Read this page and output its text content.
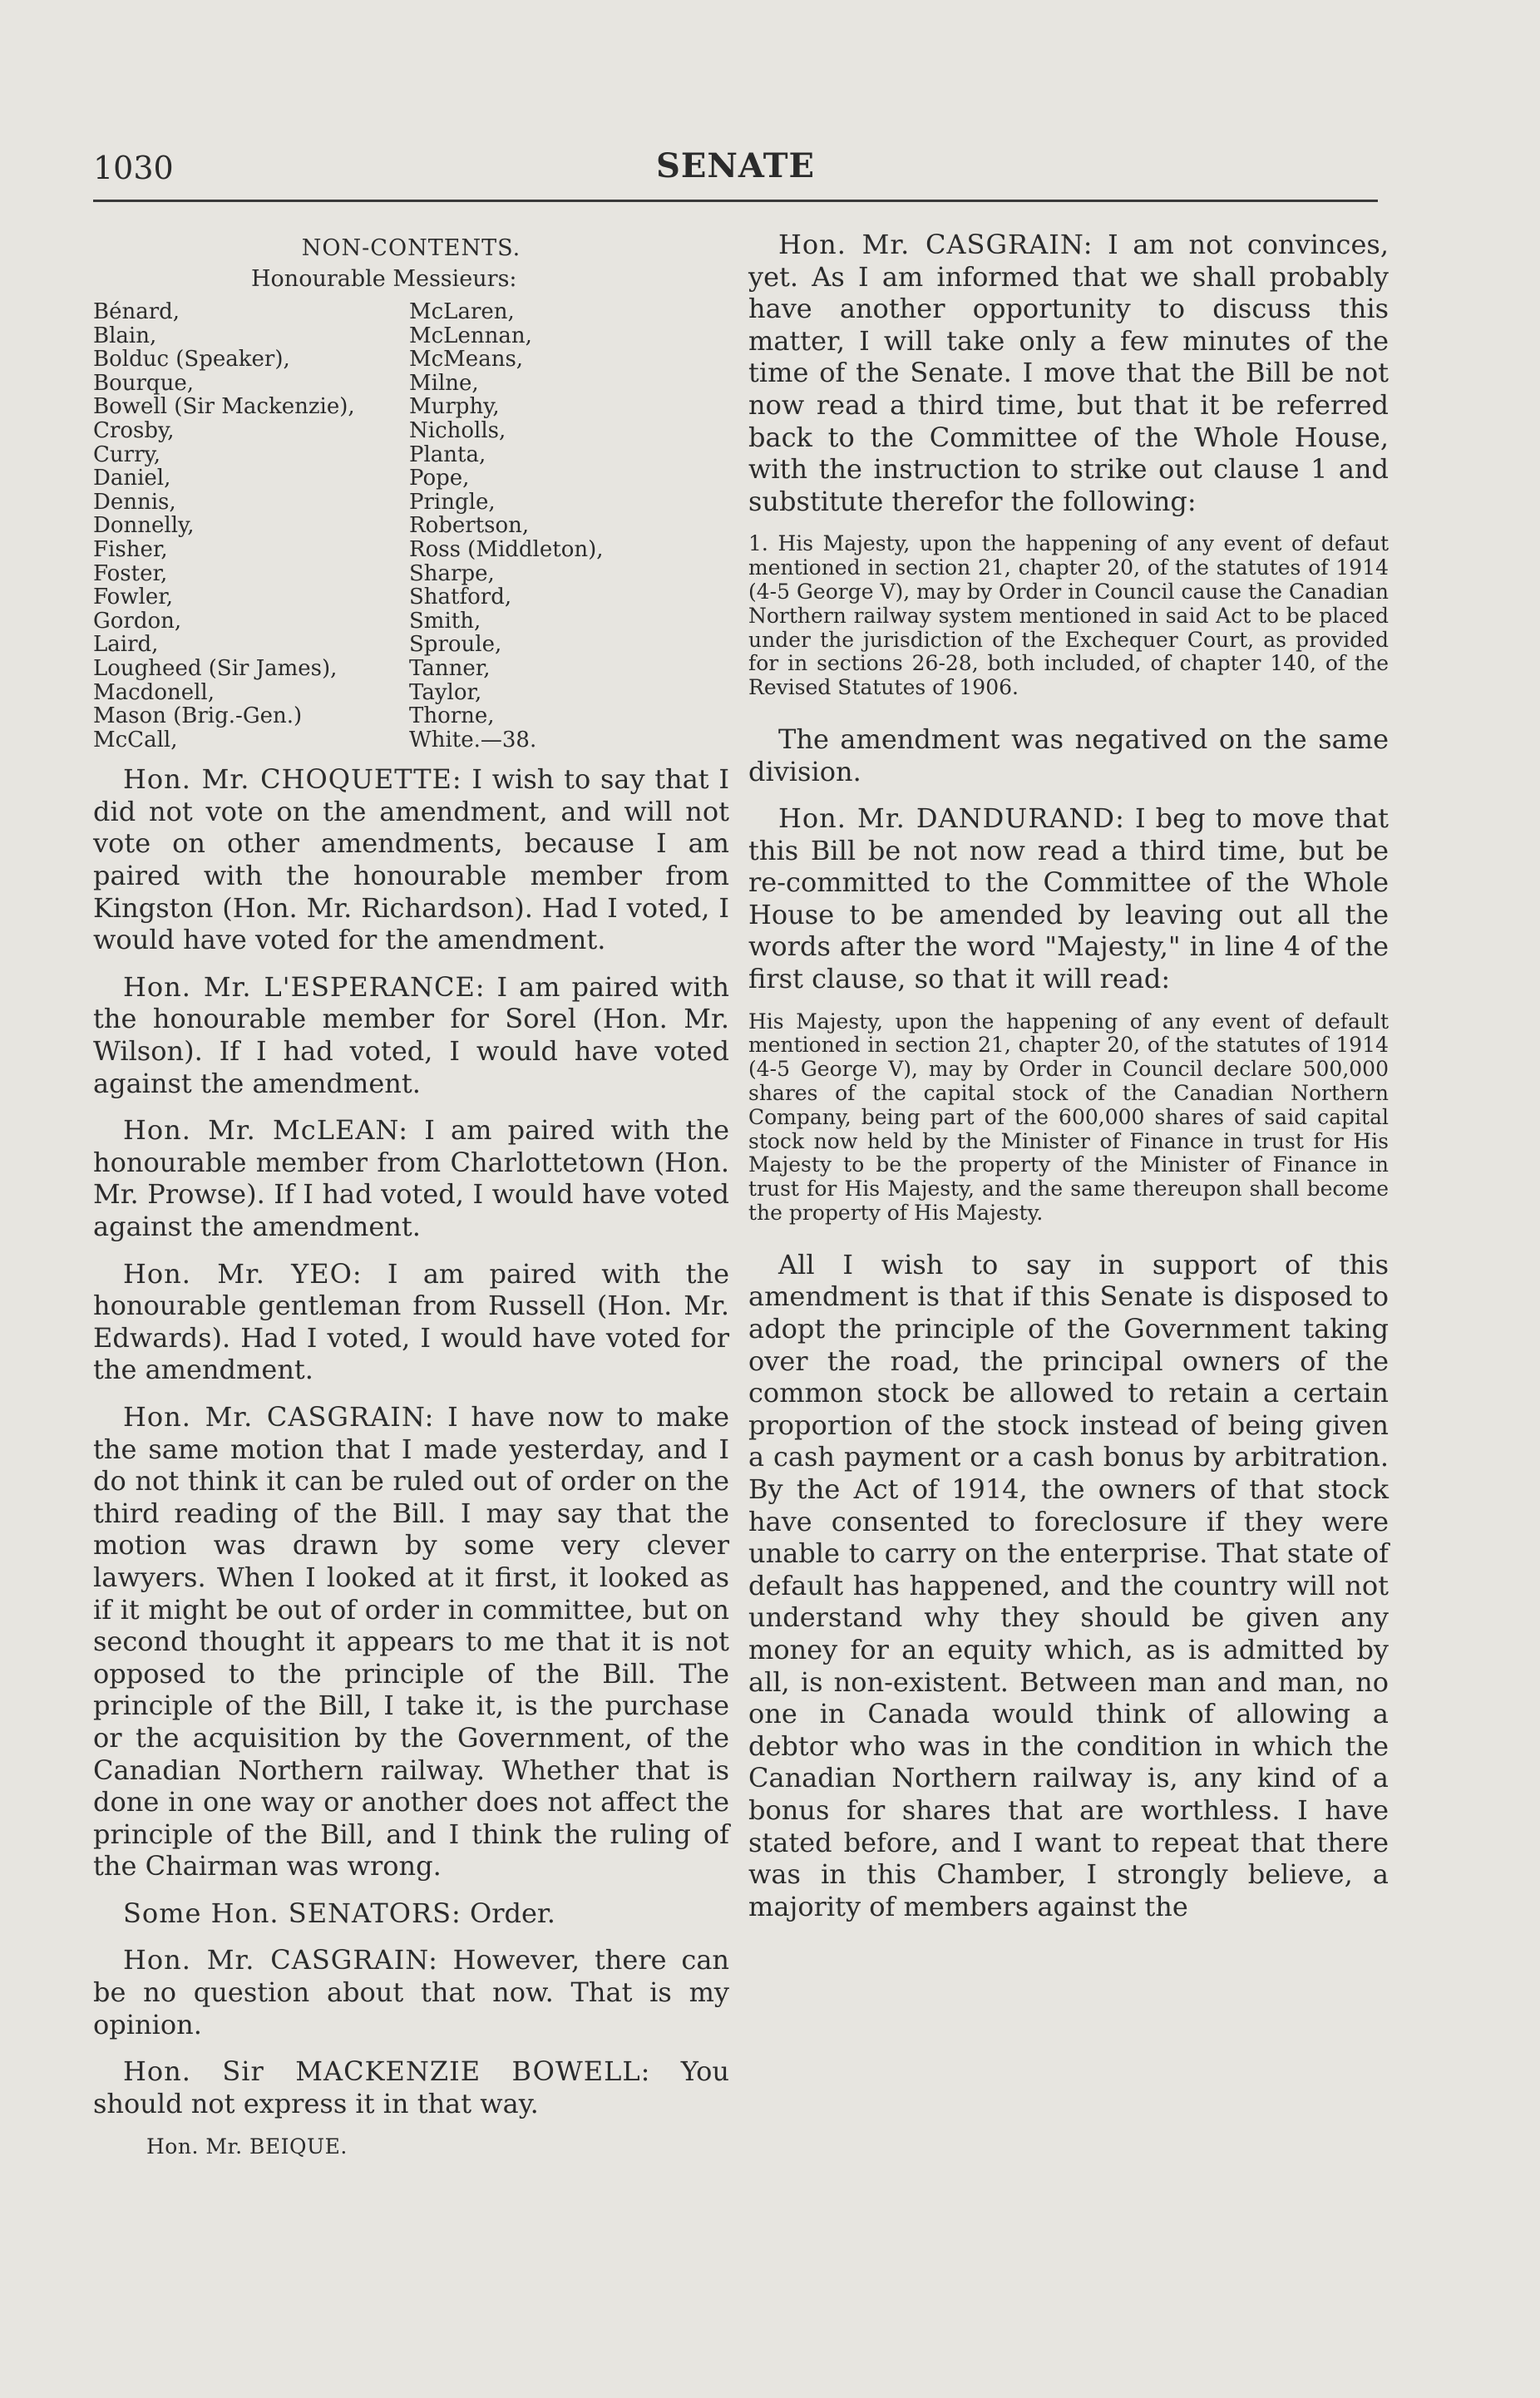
1030	SENATE
NON-CONTENTS.
Honourable Messieurs:
Bénard,
Blain,
Bolduc (Speaker),
Bourque,
Bowell (Sir Mackenzie),
Crosby,
Curry,
Daniel,
Dennis,
Donnelly,
Fisher,
Foster,
Fowler,
Gordon,
Laird,
Lougheed (Sir James),
Macdonell,
Mason (Brig.-Gen.)
McCall,
McLaren,
McLennan,
McMeans,
Milne,
Murphy,
Nicholls,
Planta,
Pope,
Pringle,
Robertson,
Ross (Middleton),
Sharpe,
Shatford,
Smith,
Sproule,
Tanner,
Taylor,
Thorne,
White.—38.

Hon. Mr. CHOQUETTE: I wish to say that I did not vote on the amendment, and will not vote on other amendments, because I am paired with the honourable member from Kingston (Hon. Mr. Richardson). Had I voted, I would have voted for the amendment.

Hon. Mr. L'ESPERANCE: I am paired with the honourable member for Sorel (Hon. Mr. Wilson). If I had voted, I would have voted against the amendment.

Hon. Mr. McLEAN: I am paired with the honourable member from Charlottetown (Hon. Mr. Prowse). If I had voted, I would have voted against the amendment.

Hon. Mr. YEO: I am paired with the honourable gentleman from Russell (Hon. Mr. Edwards). Had I voted, I would have voted for the amendment.

Hon. Mr. CASGRAIN: I have now to make the same motion that I made yesterday, and I do not think it can be ruled out of order on the third reading of the Bill. I may say that the motion was drawn by some very clever lawyers. When I looked at it first, it looked as if it might be out of order in committee, but on second thought it appears to me that it is not opposed to the principle of the Bill. The principle of the Bill, I take it, is the purchase or the acquisition by the Government, of the Canadian Northern railway. Whether that is done in one way or another does not affect the principle of the Bill, and I think the ruling of the Chairman was wrong.

Some Hon. SENATORS: Order.

Hon. Mr. CASGRAIN: However, there can be no question about that now. That is my opinion.

Hon. Sir MACKENZIE BOWELL: You should not express it in that way.

Hon. Mr. BEIQUE.

Hon. Mr. CASGRAIN: I am not convinces, yet. As I am informed that we shall probably have another opportunity to discuss this matter, I will take only a few minutes of the time of the Senate. I move that the Bill be not now read a third time, but that it be referred back to the Committee of the Whole House, with the instruction to strike out clause 1 and substitute therefor the following:

1. His Majesty, upon the happening of any event of defaut mentioned in section 21, chapter 20, of the statutes of 1914 (4-5 George V), may by Order in Council cause the Canadian Northern railway system mentioned in said Act to be placed under the jurisdiction of the Exchequer Court, as provided for in sections 26-28, both included, of chapter 140, of the Revised Statutes of 1906.

The amendment was negatived on the same division.

Hon. Mr. DANDURAND: I beg to move that this Bill be not now read a third time, but be re-committed to the Committee of the Whole House to be amended by leaving out all the words after the word "Majesty," in line 4 of the first clause, so that it will read:

His Majesty, upon the happening of any event of default mentioned in section 21, chapter 20, of the statutes of 1914 (4-5 George V), may by Order in Council declare 500,000 shares of the capital stock of the Canadian Northern Company, being part of the 600,000 shares of said capital stock now held by the Minister of Finance in trust for His Majesty to be the property of the Minister of Finance in trust for His Majesty, and the same thereupon shall become the property of His Majesty.

All I wish to say in support of this amendment is that if this Senate is disposed to adopt the principle of the Government taking over the road, the principal owners of the common stock be allowed to retain a certain proportion of the stock instead of being given a cash payment or a cash bonus by arbitration. By the Act of 1914, the owners of that stock have consented to foreclosure if they were unable to carry on the enterprise. That state of default has happened, and the country will not understand why they should be given any money for an equity which, as is admitted by all, is non-existent. Between man and man, no one in Canada would think of allowing a debtor who was in the condition in which the Canadian Northern railway is, any kind of a bonus for shares that are worthless. I have stated before, and I want to repeat that there was in this Chamber, I strongly believe, a majority of members against the
